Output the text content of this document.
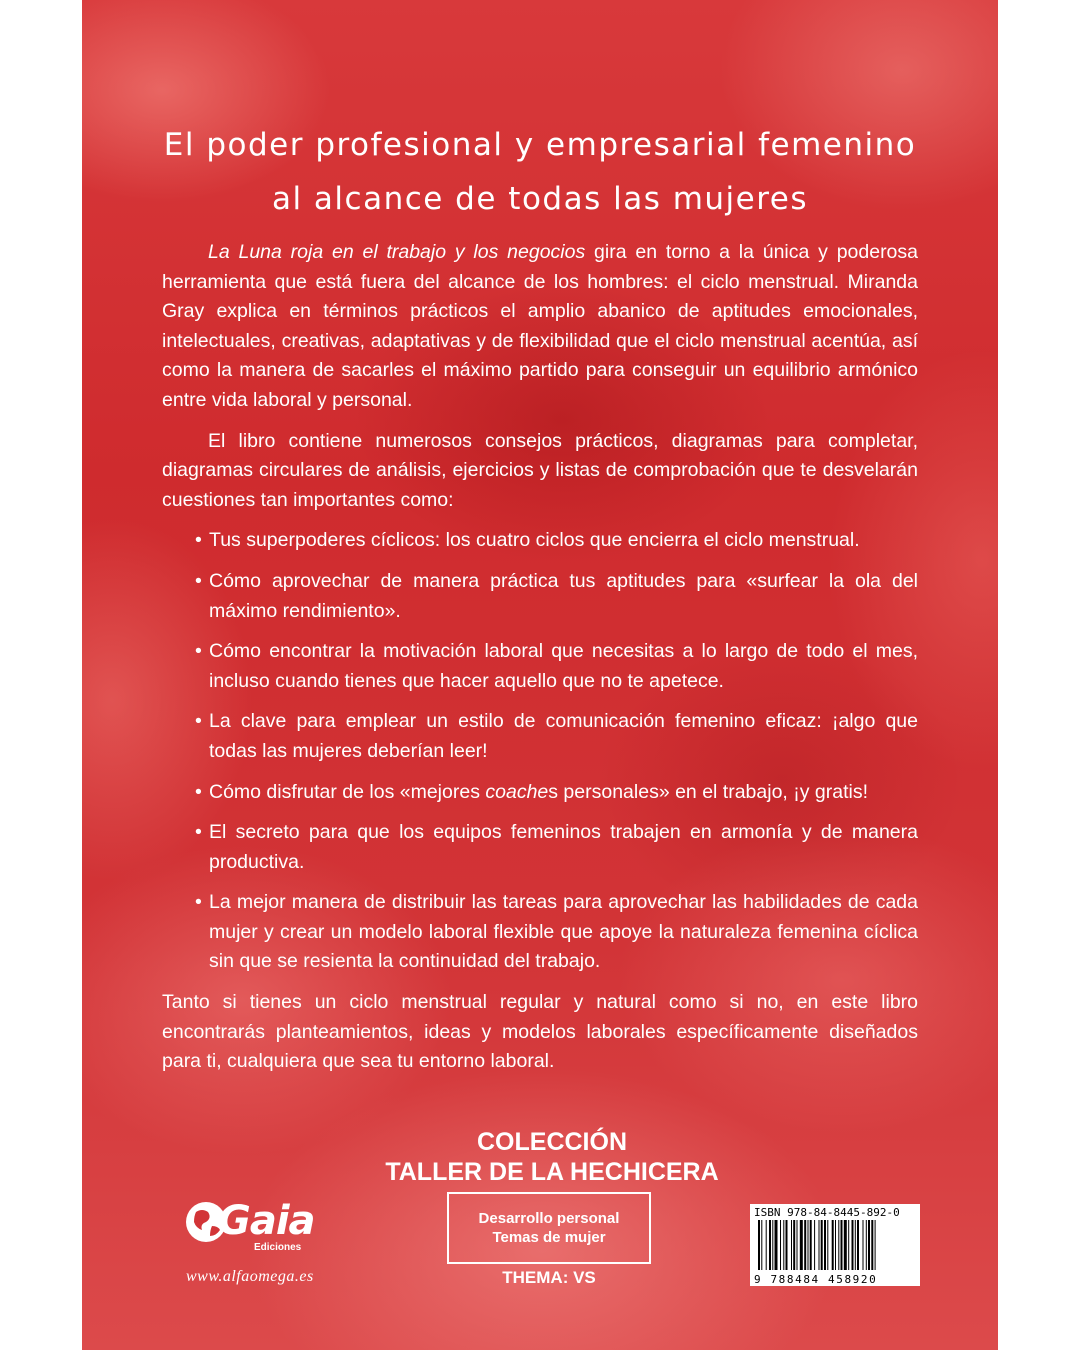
El poder profesional y empresarial femenino
al alcance de todas las mujeres

La Luna roja en el trabajo y los negocios gira en torno a la única y poderosa herramienta que está fuera del alcance de los hombres: el ciclo menstrual. Miranda Gray explica en términos prácticos el amplio abanico de aptitudes emocionales, intelectuales, creativas, adaptativas y de flexibilidad que el ciclo menstrual acentúa, así como la manera de sacarles el máximo partido para conseguir un equilibrio armónico entre vida laboral y personal.

El libro contiene numerosos consejos prácticos, diagramas para completar, diagramas circulares de análisis, ejercicios y listas de comprobación que te desvelarán cuestiones tan importantes como:

• Tus superpoderes cíclicos: los cuatro ciclos que encierra el ciclo menstrual.
• Cómo aprovechar de manera práctica tus aptitudes para «surfear la ola del máximo rendimiento».
• Cómo encontrar la motivación laboral que necesitas a lo largo de todo el mes, incluso cuando tienes que hacer aquello que no te apetece.
• La clave para emplear un estilo de comunicación femenino eficaz: ¡algo que todas las mujeres deberían leer!
• Cómo disfrutar de los «mejores coaches personales» en el trabajo, ¡y gratis!
• El secreto para que los equipos femeninos trabajen en armonía y de manera productiva.
• La mejor manera de distribuir las tareas para aprovechar las habilidades de cada mujer y crear un modelo laboral flexible que apoye la naturaleza femenina cíclica sin que se resienta la continuidad del trabajo.

Tanto si tienes un ciclo menstrual regular y natural como si no, en este libro encontrarás planteamientos, ideas y modelos laborales específicamente diseñados para ti, cualquiera que sea tu entorno laboral.

COLECCIÓN
TALLER DE LA HECHICERA
Desarrollo personal
Temas de mujer
THEMA: VS
Gaia
Ediciones
www.alfaomega.es
ISBN 978-84-8445-892-0
9 788484 458920
